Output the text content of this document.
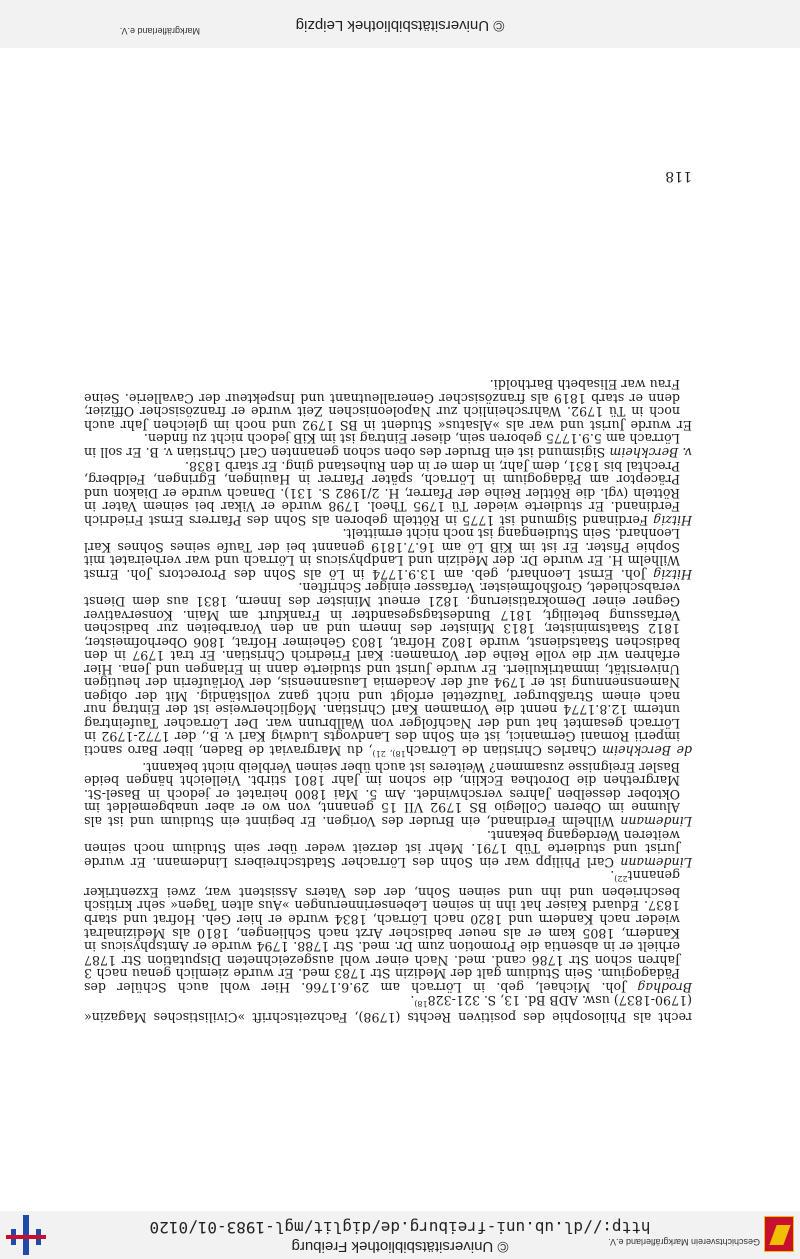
Geschichtsverein Markgräflerland e.V.
© Universitätsbibliothek Freiburg
http://dl.ub.uni-freiburg.de/diglit/mgl-1983-01/0120

recht als Philosophie des positiven Rechts (1798), Fachzeitschrift »Civilistisches Magazin« (1790-1837) usw. ADB Bd. 13, S. 321-328$^{18)}$.

Brodhag Joh. Michael, geb. in Lörrach am 29.6.1766. Hier wohl auch Schüler des Pädagogium. Sein Studium galt der Medizin Str 1783 med. Er wurde ziemlich genau nach 3 Jahren schon Str 1786 cand. med. Nach einer wohl ausgezeichneten Disputation Str 1787 erhielt er in absentia die Promotion zum Dr. med. Str 1788. 1794 wurde er Amtsphysicus in Kandern, 1805 kam er als neuer badischer Arzt nach Schliengen, 1810 als Medizinalrat wieder nach Kandern und 1820 nach Lörrach, 1834 wurde er hier Geh. Hofrat und starb 1837. Eduard Kaiser hat ihn in seinen Lebenserinnerungen »Aus alten Tagen« sehr kritisch beschrieben und ihn und seinen Sohn, der des Vaters Assistent war, zwei Exzentriker genannt$^{22)}$.

Lindemann Carl Philipp war ein Sohn des Lörracher Stadtschreibers Lindemann. Er wurde Jurist und studierte Tüb 1791. Mehr ist derzeit weder über sein Studium noch seinen weiteren Werdegang bekannt.

Lindemann Wilhelm Ferdinand, ein Bruder des Vorigen. Er beginnt ein Studium und ist als Alumne im Oberen Collegio BS 1792 VII 15 genannt, von wo er aber unabgemeldet im Oktober desselben Jahres verschwindet. Am 5. Mai 1800 heiratet er jedoch in Basel-St. Margrethen die Dorothea Ecklin, die schon im Jahr 1801 stirbt. Vielleicht hängen beide Basler Ereignisse zusammen? Weiteres ist auch über seinen Verbleib nicht bekannt.

de Berckheim Charles Christian de Lörrach$^{18), 21)}$, du Margraviat de Baden, liber Baro sancti imperii Romani Germanici, ist ein Sohn des Landvogts Ludwig Karl v. B., der 1772-1792 in Lörrach gesamtet hat und der Nachfolger von Wallbrunn war. Der Lörracher Taufeintrag unterm 12.8.1774 nennt die Vornamen Karl Christian. Möglicherweise ist der Eintrag nur nach einem Straßburger Taufzettel erfolgt und nicht ganz vollständig. Mit der obigen Namensnennung ist er 1794 auf der Academia Lausannensis, der Vorläuferin der heutigen Universität, immatrikuliert. Er wurde Jurist und studierte dann in Erlangen und Jena. Hier erfahren wir die volle Reihe der Vornamen: Karl Friedrich Christian. Er trat 1797 in den badischen Staatsdienst, wurde 1802 Hofrat, 1803 Geheimer Hofrat, 1806 Oberhofmeister, 1812 Staatsminister, 1813 Minister des Innern und an den Vorarbeiten zur badischen Verfassung beteiligt, 1817 Bundestagsgesandter in Frankfurt am Main. Konservativer Gegner einer Demokratisierung. 1821 erneut Minister des Innern, 1831 aus dem Dienst verabschiedet, Großhofmeister. Verfasser einiger Schriften.

Hitzig Joh. Ernst Leonhard, geb. am 13.9.1774 in Lö als Sohn des Prorectors Joh. Ernst Wilhelm H. Er wurde Dr. der Medizin und Landphysicus in Lörrach und war verheiratet mit Sophie Pfister. Er ist im KiB Lö am 16.7.1819 genannt bei der Taufe seines Sohnes Karl Leonhard. Sein Studiengang ist noch nicht ermittelt.

Hitzig Ferdinand Sigmund ist 1775 in Rötteln geboren als Sohn des Pfarrers Ernst Friedrich Ferdinand. Er studierte wieder Tü 1795 Theol. 1798 wurde er Vikar bei seinem Vater in Rötteln (vgl. die Röttler Reihe der Pfarrer, H. 2/1982 S. 131). Danach wurde er Diakon und Präceptor am Pädagogium in Lörrach, später Pfarrer in Hauingen, Egringen, Feldberg, Prechtal bis 1831, dem Jahr, in dem er in den Ruhestand ging. Er starb 1838.

v. Berckheim Sigismund ist ein Bruder des oben schon genannten Carl Christian v. B. Er soll in Lörrach am 5.9.1775 geboren sein, dieser Eintrag ist im KiB jedoch nicht zu finden.

Er wurde Jurist und war als »Alsatus« Student in BS 1792 und noch im gleichen Jahr auch noch in Tü 1792. Wahrscheinlich zur Napoleonischen Zeit wurde er französischer Offizier, denn er starb 1819 als französischer Generalleutnant und Inspekteur der Cavallerie. Seine Frau war Elisabeth Bartholdi.

118
© Universitätsbibliothek Leipzig
Markgräflerland e.V.
